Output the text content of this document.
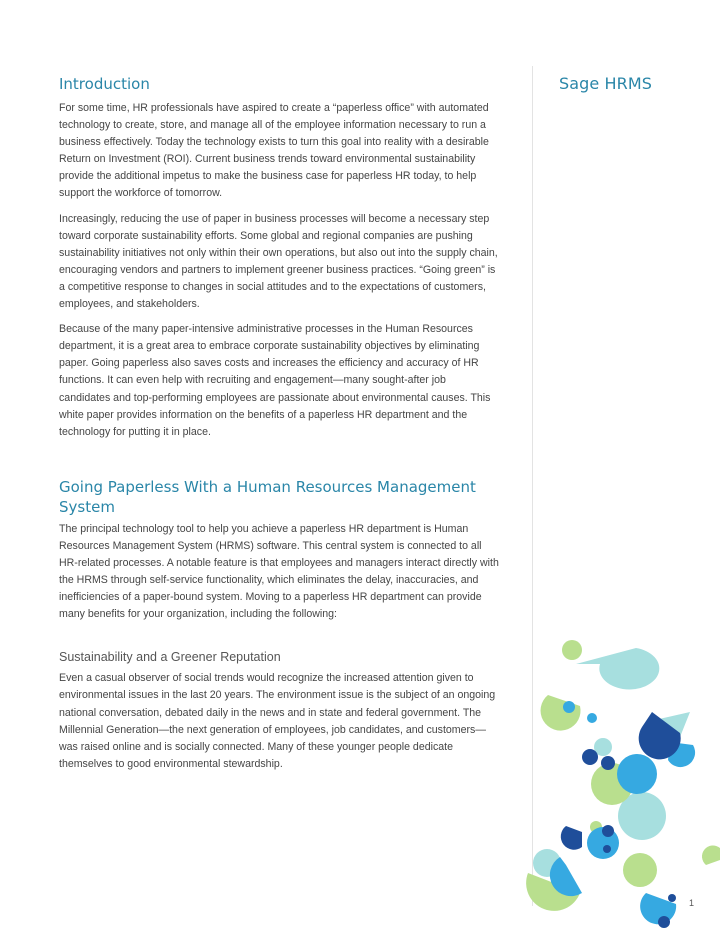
Sage HRMS
Introduction

For some time, HR professionals have aspired to create a “paperless office” with automated technology to create, store, and manage all of the employee information necessary to run a business effectively. Today the technology exists to turn this goal into reality with a desirable Return on Investment (ROI). Current business trends toward environmental sustainability provide the additional impetus to make the business case for paperless HR today, to help support the workforce of tomorrow.

Increasingly, reducing the use of paper in business processes will become a necessary step toward corporate sustainability efforts. Some global and regional companies are pushing sustainability initiatives not only within their own operations, but also out into the supply chain, encouraging vendors and partners to implement greener business practices. “Going green” is a competitive response to changes in social attitudes and to the expectations of customers, employees, and stakeholders.

Because of the many paper-intensive administrative processes in the Human Resources department, it is a great area to embrace corporate sustainability objectives by eliminating paper. Going paperless also saves costs and increases the efficiency and accuracy of HR functions. It can even help with recruiting and engagement—many sought-after job candidates and top-performing employees are passionate about environmental causes. This white paper provides information on the benefits of a paperless HR department and the technology for putting it in place.

Going Paperless With a Human Resources Management System

The principal technology tool to help you achieve a paperless HR department is Human Resources Management System (HRMS) software. This central system is connected to all HR-related processes. A notable feature is that employees and managers interact directly with the HRMS through self-service functionality, which eliminates the delay, inaccuracies, and inefficiencies of a paper-bound system. Moving to a paperless HR department can provide many benefits for your organization, including the following:

Sustainability and a Greener Reputation

Even a casual observer of social trends would recognize the increased attention given to environmental issues in the last 20 years. The environment issue is the subject of an ongoing national conversation, debated daily in the news and in state and federal government. The Millennial Generation—the next generation of employees, job candidates, and customers—was raised online and is socially connected. Many of these younger people dedicate themselves to good environmental stewardship.

1
